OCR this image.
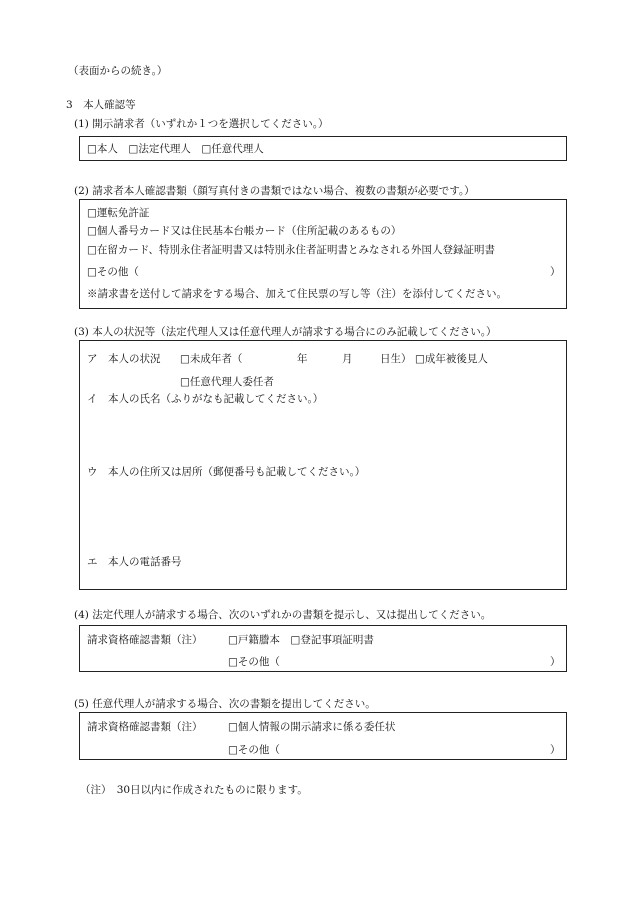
（表面からの続き。）
3　本人確認等
(1) 開示請求者（いずれか１つを選択してください。）
□本人　□法定代理人　□任意代理人
(2) 請求者本人確認書類（顔写真付きの書類ではない場合、複数の書類が必要です。）
□運転免許証
□個人番号カード又は住民基本台帳カード（住所記載のあるもの）
□在留カード、特別永住者証明書又は特別永住者証明書とみなされる外国人登録証明書
□その他（	）
※請求書を送付して請求をする場合、加えて住民票の写し等（注）を添付してください。
(3) 本人の状況等（法定代理人又は任意代理人が請求する場合にのみ記載してください。）
ア　本人の状況 □未成年者（	年	月	日生） □成年被後見人
□任意代理人委任者
イ　本人の氏名（ふりがなも記載してください。）
ウ　本人の住所又は居所（郵便番号も記載してください。）
エ　本人の電話番号
(4) 法定代理人が請求する場合、次のいずれかの書類を提示し、又は提出してください。
請求資格確認書類（注） □戸籍謄本　□登記事項証明書
□その他（	）
(5) 任意代理人が請求する場合、次の書類を提出してください。
請求資格確認書類（注） □個人情報の開示請求に係る委任状
□その他（	）
（注）　30日以内に作成されたものに限ります。
